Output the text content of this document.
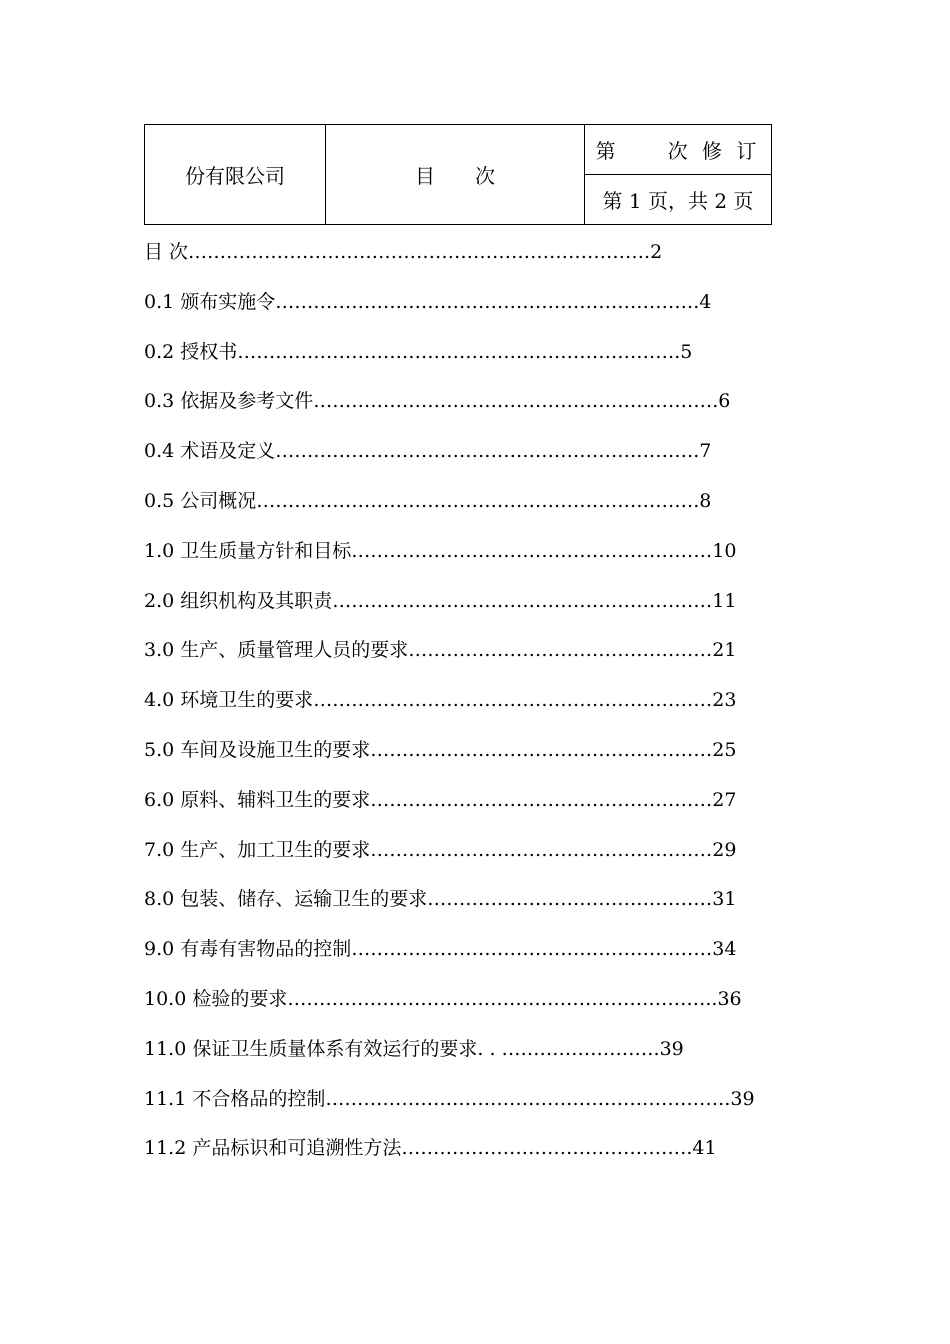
份有限公司	目　　次	第　　次 修 订
第 1 页，共 2 页
目 次……………………………………………………………….2
0.1 颁布实施令………………………………………………………….4
0.2 授权书…………………………………………………………….5
0.3 依据及参考文件……………………………………………………….6
0.4 术语及定义………………………………………………………….7
0.5 公司概况…………………………………………………………….8
1.0 卫生质量方针和目标…………………………………………………10
2.0 组织机构及其职责……………………………………………………11
3.0 生产、质量管理人员的要求…………………………………………21
4.0 环境卫生的要求………………………………………………………23
5.0 车间及设施卫生的要求………………………………………………25
6.0 原料、辅料卫生的要求………………………………………………27
7.0 生产、加工卫生的要求………………………………………………29
8.0 包装、储存、运输卫生的要求………………………………………31
9.0 有毒有害物品的控制…………………………………………………34
10.0 检验的要求…………………………………………………………..36
11.0 保证卫生质量体系有效运行的要求. . …………………….39
11.1 不合格品的控制……………………………………………………….39
11.2 产品标识和可追溯性方法……………………………………….41
